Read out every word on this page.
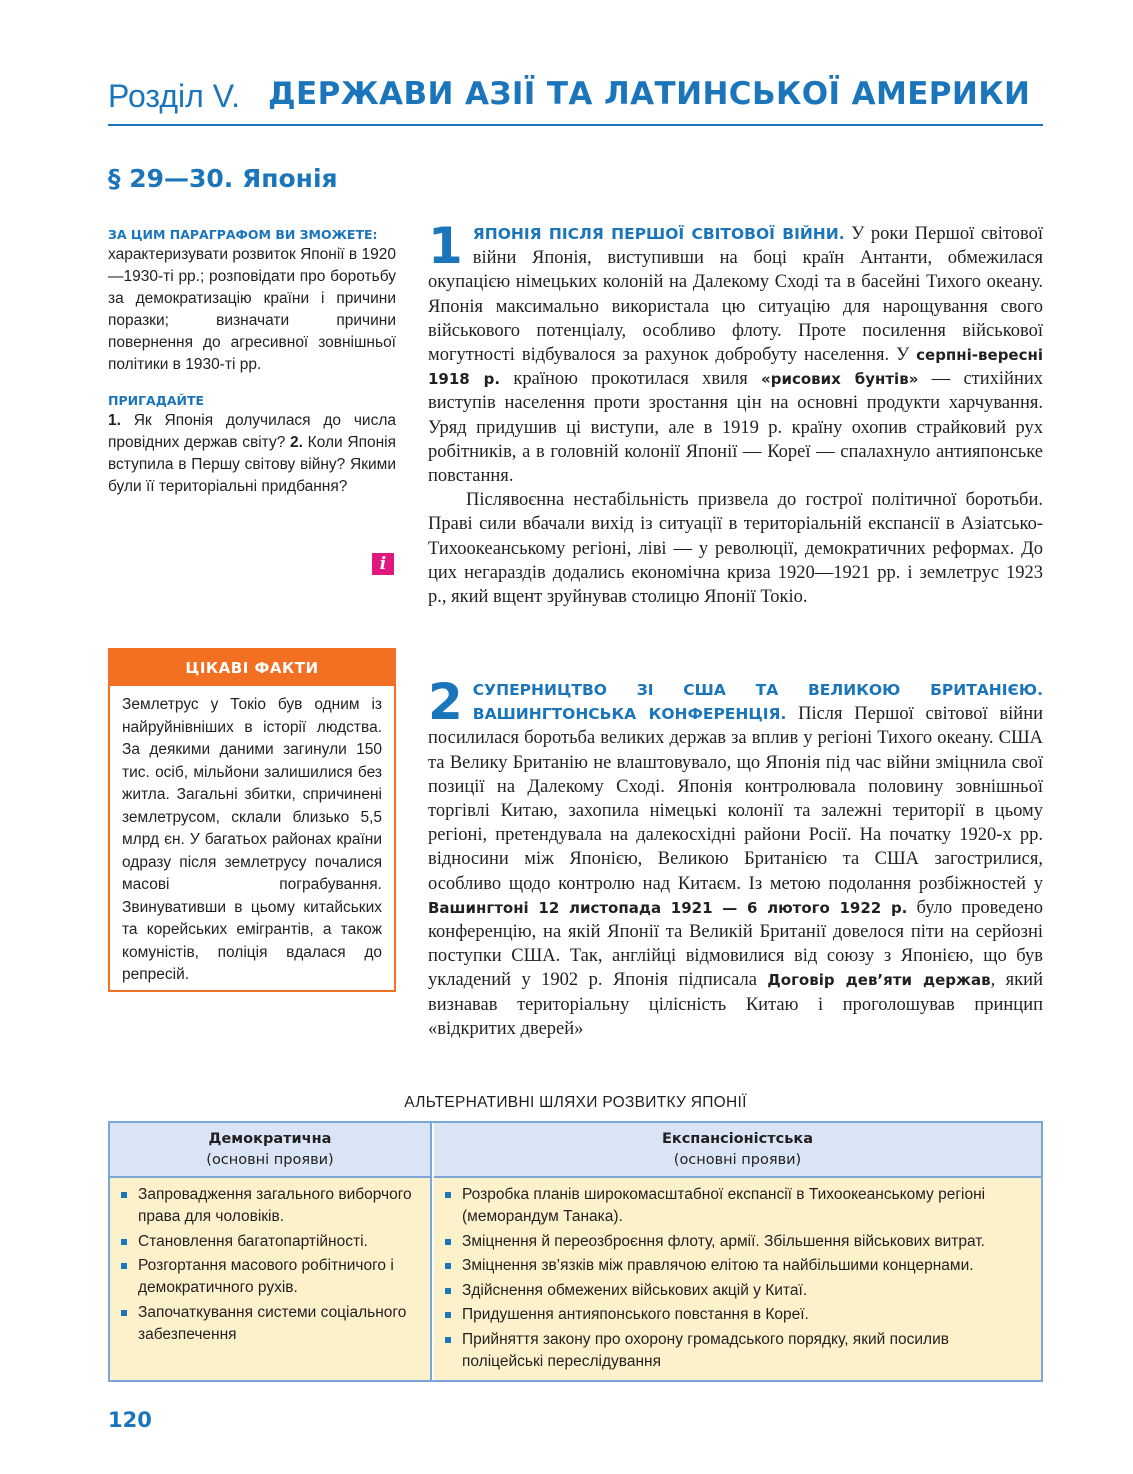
Розділ V. ДЕРЖАВИ АЗІЇ ТА ЛАТИНСЬКОЇ АМЕРИКИ
§ 29—30. Японія
ЗА ЦИМ ПАРАГРАФОМ ВИ ЗМОЖЕТЕ:
характеризувати розвиток Японії в 1920—1930-ті рр.; розповідати про боротьбу за демократизацію країни і причини поразки; визначати причини повернення до агресивної зовнішньої політики в 1930-ті рр.
ПРИГАДАЙТЕ
1. Як Японія долучилася до числа провідних держав світу? 2. Коли Японія вступила в Першу світову війну? Якими були її територіальні придбання?
i
ЦІКАВІ ФАКТИ
Землетрус у Токіо був одним із найруйнівніших в історії людства. За деякими даними загинули 150 тис. осіб, мільйони залишилися без житла. Загальні збитки, спричинені землетрусом, склали близько 5,5 млрд єн. У багатьох районах країни одразу після землетрусу почалися масові пограбування. Звинувативши в цьому китайських та корейських емігрантів, а також комуністів, поліція вдалася до репресій.
1 ЯПОНІЯ ПІСЛЯ ПЕРШОЇ СВІТОВОЇ ВІЙНИ. У роки Першої світової війни Японія, виступивши на боці країн Антанти, обмежилася окупацією німецьких колоній на Далекому Сході та в басейні Тихого океану. Японія максимально використала цю ситуацію для нарощування свого військового потенціалу, особливо флоту. Проте посилення військової могутності відбувалося за рахунок добробуту населення. У серпні-вересні 1918 р. країною прокотилася хвиля «рисових бунтів» — стихійних виступів населення проти зростання цін на основні продукти харчування. Уряд придушив ці виступи, але в 1919 р. країну охопив страйковий рух робітників, а в головній колонії Японії — Кореї — спалахнуло антияпонське повстання.

Післявоєнна нестабільність призвела до гострої політичної боротьби. Праві сили вбачали вихід із ситуації в територіальній експансії в Азіатсько-Тихоокеанському регіоні, ліві — у революції, демократичних реформах. До цих негараздів додались економічна криза 1920—1921 рр. і землетрус 1923 р., який вщент зруйнував столицю Японії Токіо.

2 СУПЕРНИЦТВО ЗІ США ТА ВЕЛИКОЮ БРИТАНІЄЮ. ВАШИНГТОНСЬКА КОНФЕРЕНЦІЯ. Після Першої світової війни посилилася боротьба великих держав за вплив у регіоні Тихого океану. США та Велику Британію не влаштовувало, що Японія під час війни зміцнила свої позиції на Далекому Сході. Японія контролювала половину зовнішньої торгівлі Китаю, захопила німецькі колонії та залежні території в цьому регіоні, претендувала на далекосхідні райони Росії. На початку 1920-х рр. відносини між Японією, Великою Британією та США загострилися, особливо щодо контролю над Китаєм. Із метою подолання розбіжностей у Вашингтоні 12 листопада 1921 — 6 лютого 1922 р. було проведено конференцію, на якій Японії та Великій Британії довелося піти на серйозні поступки США. Так, англійці відмовилися від союзу з Японією, що був укладений у 1902 р. Японія підписала Договір дев’яти держав, який визнавав територіальну цілісність Китаю і проголошував принцип «відкритих дверей»

АЛЬТЕРНАТИВНІ ШЛЯХИ РОЗВИТКУ ЯПОНІЇ
Демократична
(основні прояви)
Експансіоністська
(основні прояви)
Запровадження загального виборчого права для чоловіків.
Становлення багатопартійності.
Розгортання масового робітничого і демократичного рухів.
Започаткування системи соціального забезпечення
Розробка планів широкомасштабної експансії в Тихоокеанському регіоні (меморандум Танака).
Зміцнення й переозброєння флоту, армії. Збільшення військових витрат.
Зміцнення зв’язків між правлячою елітою та найбільшими концернами.
Здійснення обмежених військових акцій у Китаї.
Придушення антияпонського повстання в Кореї.
Прийняття закону про охорону громадського порядку, який посилив поліцейські переслідування
120
